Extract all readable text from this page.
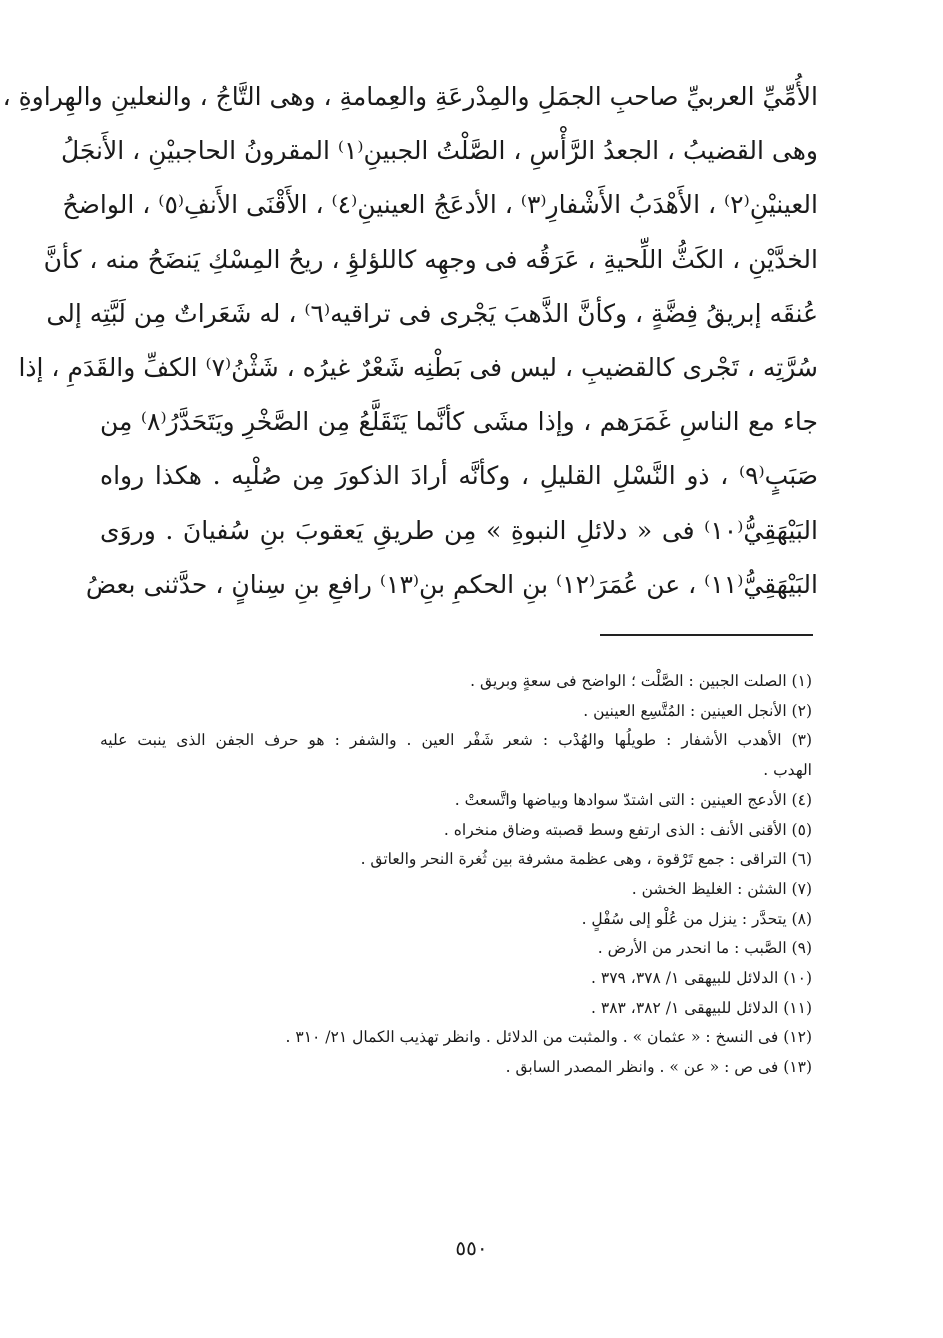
الأُمِّيِّ العربيِّ صاحبِ الجمَلِ والمِدْرعَةِ والعِمامةِ ، وهى التَّاجُ ، والنعلينِ والهِراوةِ ،
وهى القضيبُ ، الجعدُ الرَّأْسِ ، الصَّلْتُ الجبينِ⁽١⁾ المقرونُ الحاجبيْنِ ، الأَنجَلُ
العينيْنِ⁽٢⁾ ، الأَهْدَبُ الأَشْفارِ⁽٣⁾ ، الأدعَجُ العينينِ⁽٤⁾ ، الأَقْنَى الأَنفِ⁽٥⁾ ، الواضحُ
الخدَّيْنِ ، الكَثُّ اللِّحيةِ ، عَرَقُه فى وجهِه كاللؤلؤِ ، ريحُ المِسْكِ يَنضَحُ منه ، كأنَّ
عُنقَه إبريقُ فِضَّةٍ ، وكأنَّ الذَّهبَ يَجْرى فى تراقيه⁽٦⁾ ، له شَعَراتٌ مِن لَبَّتِه إلى
سُرَّتِه ، تَجْرى كالقضيبِ ، ليس فى بَطْنِه شَعْرٌ غيرُه ، شَثْنُ⁽٧⁾ الكفِّ والقَدَمِ ، إذا
جاء مع الناسِ غَمَرَهم ، وإذا مشَى كأنَّما يَتَقَلَّعُ مِن الصَّخْرِ ويَتَحَدَّرُ⁽٨⁾ مِن
صَبَبٍ⁽٩⁾ ، ذو النَّسْلِ القليلِ ، وكأنَّه أرادَ الذكورَ مِن صُلْبِه . هكذا رواه
البَيْهَقِيُّ⁽١٠⁾ فى « دلائلِ النبوةِ » مِن طريقِ يَعقوبَ بنِ سُفيانَ . وروَى
البَيْهَقِيُّ⁽١١⁾ ، عن عُمَرَ⁽١٢⁾ بنِ الحكمِ بنِ⁽١٣⁾ رافعِ بنِ سِنانٍ ، حدَّثنى بعضُ
(١) الصلت الجبين : الصَّلْت ؛ الواضح فى سعةٍ وبريق .
(٢) الأنجل العينين : المُتَّسِع العينين .
(٣) الأهدب الأشفار : طويلُها والهُدْب : شعر شَفْر العين . والشفر : هو حرف الجفن الذى ينبت عليه
الهدب .
(٤) الأدعج العينين : التى اشتدّ سوادها وبياضها واتَّسعتْ .
(٥) الأقنى الأنف : الذى ارتفع وسط قصبته وضاق منخراه .
(٦) التراقى : جمع تَرْقوة ، وهى عظمة مشرفة بين ثُغرة النحر والعاتق .
(٧) الشثن : الغليظ الخشن .
(٨) يتحدَّر : ينزل من عُلْو إلى سُفْلٍ .
(٩) الصَّبب : ما انحدر من الأرض .
(١٠) الدلائل للبيهقى ١/ ٣٧٨، ٣٧٩ .
(١١) الدلائل للبيهقى ١/ ٣٨٢، ٣٨٣ .
(١٢) فى النسخ : « عثمان » . والمثبت من الدلائل . وانظر تهذيب الكمال ٢١/ ٣١٠ .
(١٣) فى ص : « عن » . وانظر المصدر السابق .
٥٥٠
